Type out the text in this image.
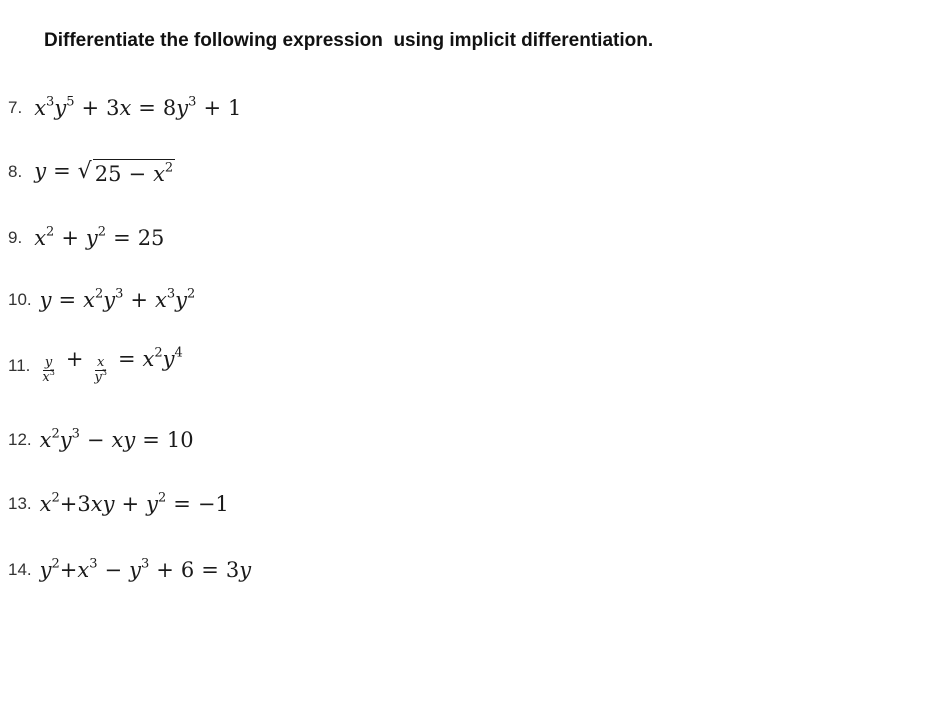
Differentiate the following expression  using implicit differentiation.
7. $x^3y^5 + 3x = 8y^3 + 1$
8. y = √ $25 - x^2$
9. $x^2 + y^2 = 25$
10. $y = x^2y^3 + x^3y^2$
11. $\frac{y}{x^3} + \frac{x}{y^3} = x^2y^4$
12. $x^2y^3$ − xy = 10
13. $x^2+3xy + y^2 = -1$
14. $y^2+x^3 - y^3 + 6 = 3y$
